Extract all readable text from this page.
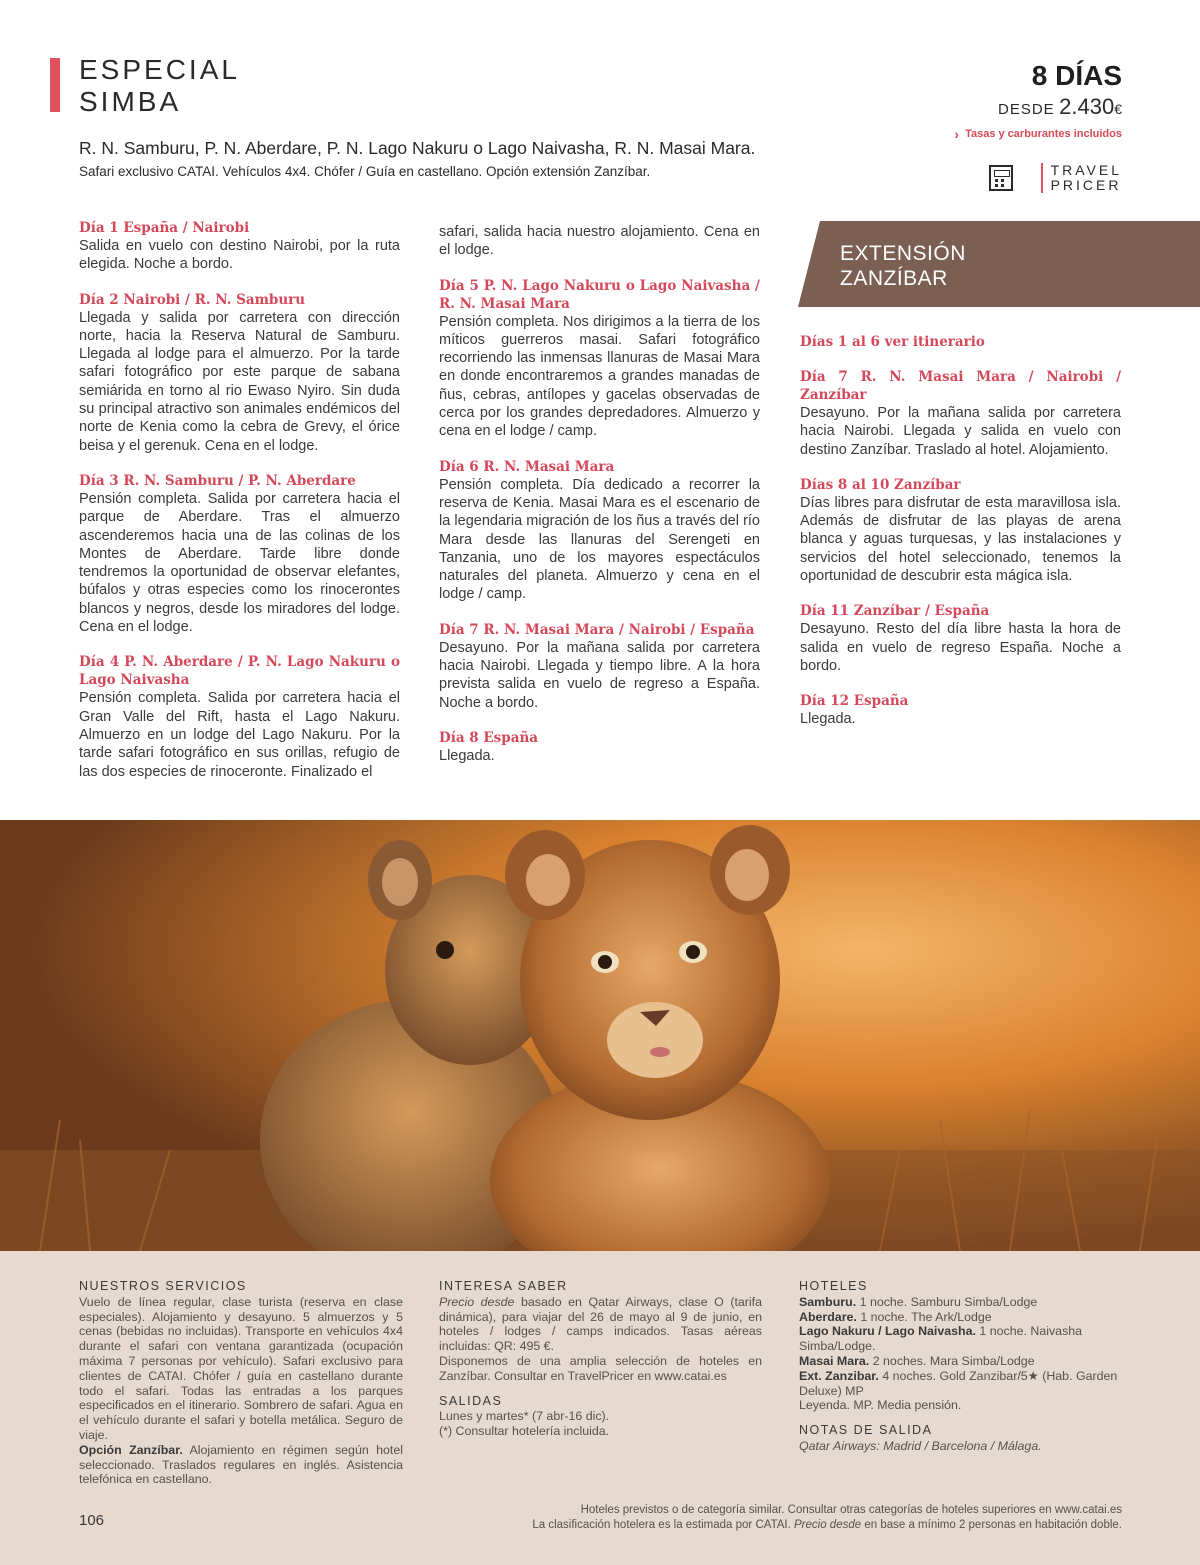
ESPECIAL
SIMBA
R. N. Samburu, P. N. Aberdare, P. N. Lago Nakuru o Lago Naivasha, R. N. Masai Mara.
Safari exclusivo CATAI. Vehículos 4x4. Chófer / Guía en castellano. Opción extensión Zanzíbar.
8 DÍAS
DESDE 2.430€
› Tasas y carburantes incluidos
TRAVEL
PRICER
Día 1 España / Nairobi

Salida en vuelo con destino Nairobi, por la ruta elegida. Noche a bordo.

Día 2 Nairobi / R. N. Samburu

Llegada y salida por carretera con dirección norte, hacia la Reserva Natural de Samburu. Llegada al lodge para el almuerzo. Por la tarde safari fotográfico por este parque de sabana semiárida en torno al rio Ewaso Nyiro. Sin duda su principal atractivo son animales endémicos del norte de Kenia como la cebra de Grevy, el órice beisa y el gerenuk. Cena en el lodge.

Día 3 R. N. Samburu / P. N. Aberdare

Pensión completa. Salida por carretera hacia el parque de Aberdare. Tras el almuerzo ascenderemos hacia una de las colinas de los Montes de Aberdare. Tarde libre donde tendremos la oportunidad de observar elefantes, búfalos y otras especies como los rinocerontes blancos y negros, desde los miradores del lodge. Cena en el lodge.

Día 4 P. N. Aberdare / P. N. Lago Nakuru o Lago Naivasha

Pensión completa. Salida por carretera hacia el Gran Valle del Rift, hasta el Lago Nakuru. Almuerzo en un lodge del Lago Nakuru. Por la tarde safari fotográfico en sus orillas, refugio de las dos especies de rinoceronte. Finalizado el

safari, salida hacia nuestro alojamiento. Cena en el lodge.

Día 5 P. N. Lago Nakuru o Lago Naivasha / R. N. Masai Mara

Pensión completa. Nos dirigimos a la tierra de los míticos guerreros masai. Safari fotográfico recorriendo las inmensas llanuras de Masai Mara en donde encontraremos a grandes manadas de ñus, cebras, antílopes y gacelas observadas de cerca por los grandes depredadores. Almuerzo y cena en el lodge / camp.

Día 6 R. N. Masai Mara

Pensión completa. Día dedicado a recorrer la reserva de Kenia. Masai Mara es el escenario de la legendaria migración de los ñus a través del río Mara desde las llanuras del Serengeti en Tanzania, uno de los mayores espectáculos naturales del planeta. Almuerzo y cena en el lodge / camp.

Día 7 R. N. Masai Mara / Nairobi / España

Desayuno. Por la mañana salida por carretera hacia Nairobi. Llegada y tiempo libre. A la hora prevista salida en vuelo de regreso a España. Noche a bordo.

Día 8 España

Llegada.

EXTENSIÓN
ZANZÍBAR
Días 1 al 6 ver itinerario
Día 7 R. N. Masai Mara / Nairobi / Zanzíbar

Desayuno. Por la mañana salida por carretera hacia Nairobi. Llegada y salida en vuelo con destino Zanzíbar. Traslado al hotel. Alojamiento.

Días 8 al 10 Zanzíbar

Días libres para disfrutar de esta maravillosa isla. Además de disfrutar de las playas de arena blanca y aguas turquesas, y las instalaciones y servicios del hotel seleccionado, tenemos la oportunidad de descubrir esta mágica isla.

Día 11 Zanzíbar / España

Desayuno. Resto del día libre hasta la hora de salida en vuelo de regreso España. Noche a bordo.

Día 12 España

Llegada.

NUESTROS SERVICIOS

Vuelo de línea regular, clase turista (reserva en clase especiales). Alojamiento y desayuno. 5 almuerzos y 5 cenas (bebidas no incluidas). Transporte en vehículos 4x4 durante el safari con ventana garantizada (ocupación máxima 7 personas por vehículo). Safari exclusivo para clientes de CATAI. Chófer / guía en castellano durante todo el safari. Todas las entradas a los parques especificados en el itinerario. Sombrero de safari. Agua en el vehículo durante el safari y botella metálica. Seguro de viaje.

Opción Zanzíbar. Alojamiento en régimen según hotel seleccionado. Traslados regulares en inglés. Asistencia telefónica en castellano.

INTERESA SABER

Precio desde basado en Qatar Airways, clase O (tarifa dinámica), para viajar del 26 de mayo al 9 de junio, en hoteles / lodges / camps indicados. Tasas aéreas incluidas: QR: 495 €.

Disponemos de una amplia selección de hoteles en Zanzíbar. Consultar en TravelPricer en www.catai.es

SALIDAS

Lunes y martes* (7 abr-16 dic).

(*) Consultar hotelería incluida.

HOTELES

Samburu. 1 noche. Samburu Simba/Lodge

Aberdare. 1 noche. The Ark/Lodge

Lago Nakuru / Lago Naivasha. 1 noche. Naivasha Simba/Lodge.

Masai Mara. 2 noches. Mara Simba/Lodge

Ext. Zanzibar. 4 noches. Gold Zanzibar/5★ (Hab. Garden Deluxe) MP

Leyenda. MP. Media pensión.

NOTAS DE SALIDA

Qatar Airways: Madrid / Barcelona / Málaga.

106
Hoteles previstos o de categoría similar. Consultar otras categorías de hoteles superiores en www.catai.es
La clasificación hotelera es la estimada por CATAI. Precio desde en base a mínimo 2 personas en habitación doble.
